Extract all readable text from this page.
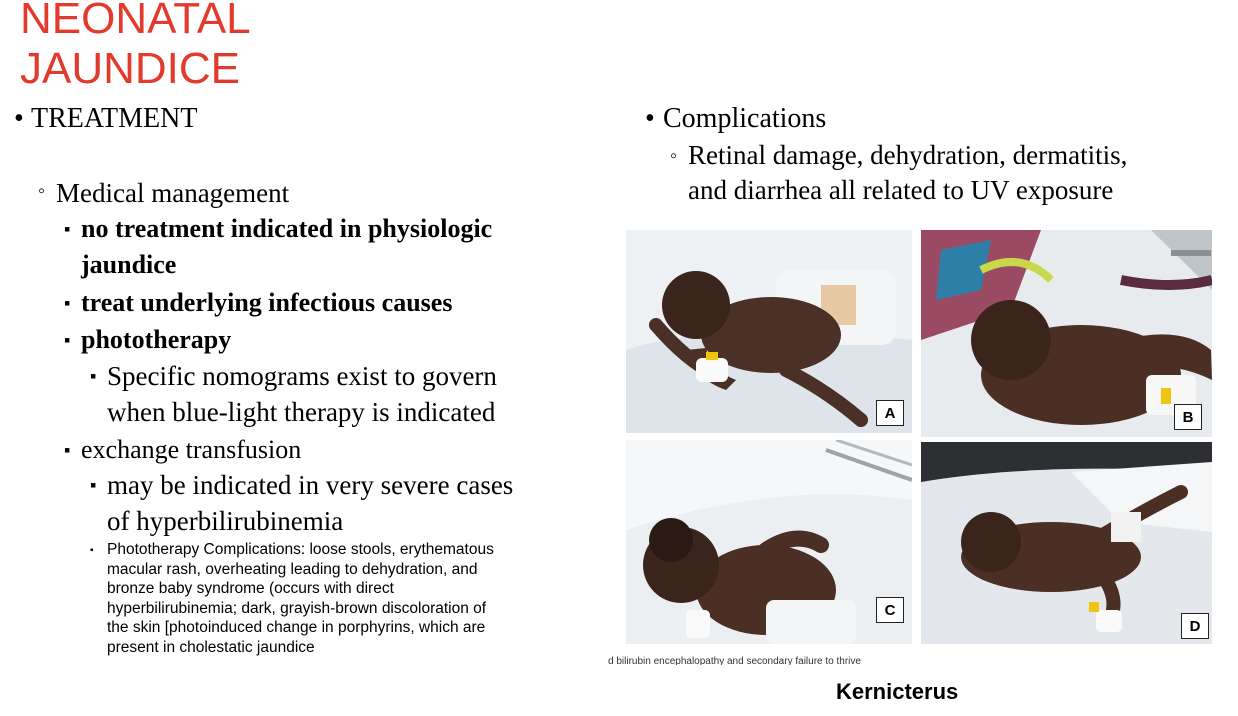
NEONATAL
JAUNDICE
• TREATMENT

◦ Medical management

▪ no treatment indicated in physiologic
jaundice

▪ treat underlying infectious causes

▪ phototherapy

▪ Specific nomograms exist to govern
when blue-light therapy is indicated

▪ exchange transfusion

▪ may be indicated in very severe cases
of hyperbilirubinemia

▪ Phototherapy Complications: loose stools, erythematous
macular rash, overheating leading to dehydration, and
bronze baby syndrome (occurs with direct
hyperbilirubinemia; dark, grayish-brown discoloration of
the skin [photoinduced change in porphyrins, which are
present in cholestatic jaundice

• Complications

◦ Retinal damage, dehydration, dermatitis,
and diarrhea all related to UV exposure

A	B
C
D
d bilirubin encephalopathy and secondary failure to thrive

Kernicterus
